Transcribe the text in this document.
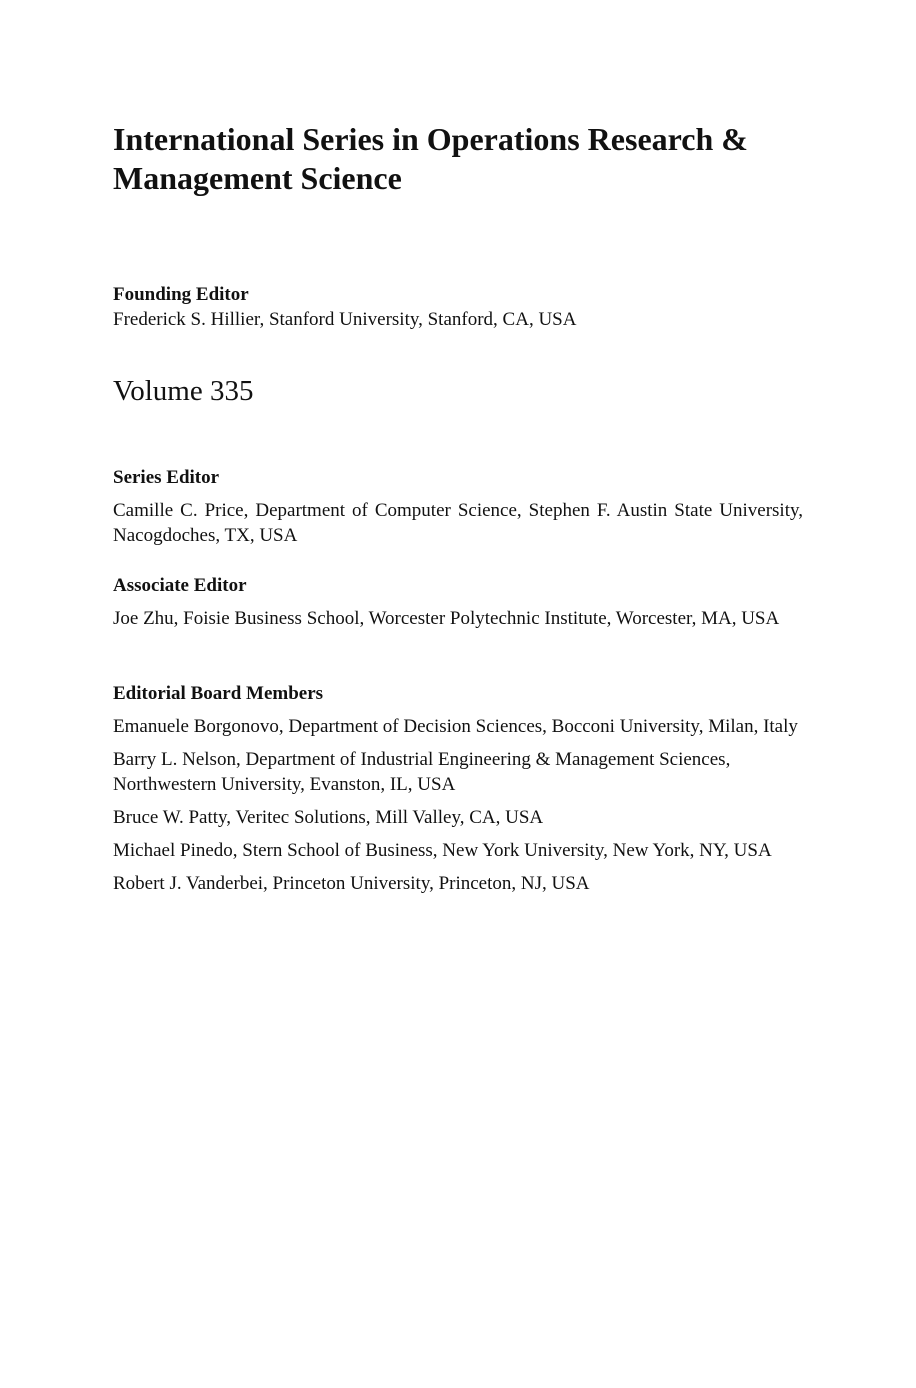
International Series in Operations Research & Management Science

Founding Editor

Frederick S. Hillier, Stanford University, Stanford, CA, USA

Volume 335

Series Editor

Camille C. Price, Department of Computer Science, Stephen F. Austin State University, Nacogdoches, TX, USA

Associate Editor

Joe Zhu, Foisie Business School, Worcester Polytechnic Institute, Worcester, MA, USA

Editorial Board Members

Emanuele Borgonovo, Department of Decision Sciences, Bocconi University, Milan, Italy

Barry L. Nelson, Department of Industrial Engineering & Management Sciences, Northwestern University, Evanston, IL, USA

Bruce W. Patty, Veritec Solutions, Mill Valley, CA, USA

Michael Pinedo, Stern School of Business, New York University, New York, NY, USA

Robert J. Vanderbei, Princeton University, Princeton, NJ, USA
